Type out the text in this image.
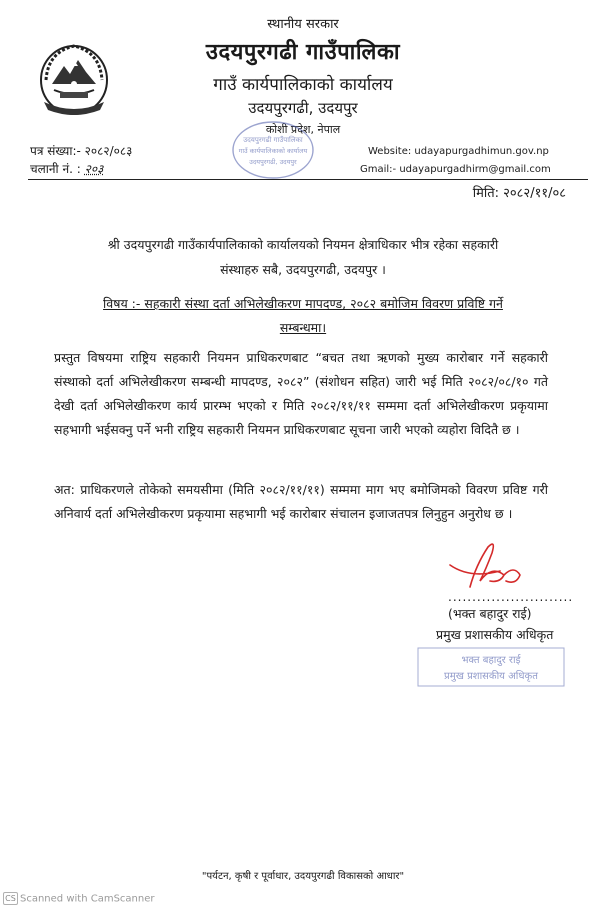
स्थानीय सरकार
उदयपुरगढी गाउँपालिका
गाउँ कार्यपालिकाको कार्यालय
उदयपुरगढी, उदयपुर
कोशी प्रदेश, नेपाल
उदयपुरगढी गाउँपालिका
गाउँ कार्यपालिकाको कार्यालय
उदयपुरगढी, उदयपुर
पत्र संख्या:- २०८२/०८३
चलानी नं. : २०३
Website: udayapurgadhimun.gov.np
Gmail:- udayapurgadhirm@gmail.com
मिति: २०८२/११/०८
श्री उदयपुरगढी गाउँकार्यपालिकाको कार्यालयको नियमन क्षेत्राधिकार भीत्र रहेका सहकारी
संस्थाहरु सबै, उदयपुरगढी, उदयपुर ।
विषय :- सहकारी संस्था दर्ता अभिलेखीकरण मापदण्ड, २०८२ बमोजिम विवरण प्रविष्टि गर्ने
सम्बन्धमा।
प्रस्तुत विषयमा राष्ट्रिय सहकारी नियमन प्राधिकरणबाट “बचत तथा ऋणको मुख्य कारोबार गर्ने सहकारी संस्थाको दर्ता अभिलेखीकरण सम्बन्धी मापदण्ड, २०८२” (संशोधन सहित) जारी भई मिति २०८२/०८/१० गते देखी दर्ता अभिलेखीकरण कार्य प्रारम्भ भएको र मिति २०८२/११/११ सम्ममा दर्ता अभिलेखीकरण प्रकृयामा सहभागी भईसक्नु पर्ने भनी राष्ट्रिय सहकारी नियमन प्राधिकरणबाट सूचना जारी भएको व्यहोरा विदितै छ ।
अत: प्राधिकरणले तोकेको समयसीमा (मिति २०८२/११/११) सम्ममा माग भए बमोजिमको विवरण प्रविष्ट गरी अनिवार्य दर्ता अभिलेखीकरण प्रकृयामा सहभागी भई कारोबार संचालन इजाजतपत्र लिनुहुन अनुरोध छ ।
..........................
(भक्त बहादुर राई)
प्रमुख प्रशासकीय अधिकृत
भक्त बहादुर राई
प्रमुख प्रशासकीय अधिकृत
"पर्यटन, कृषी र पूर्वाधार, उदयपुरगढी विकासको आधार"
CS Scanned with CamScanner
